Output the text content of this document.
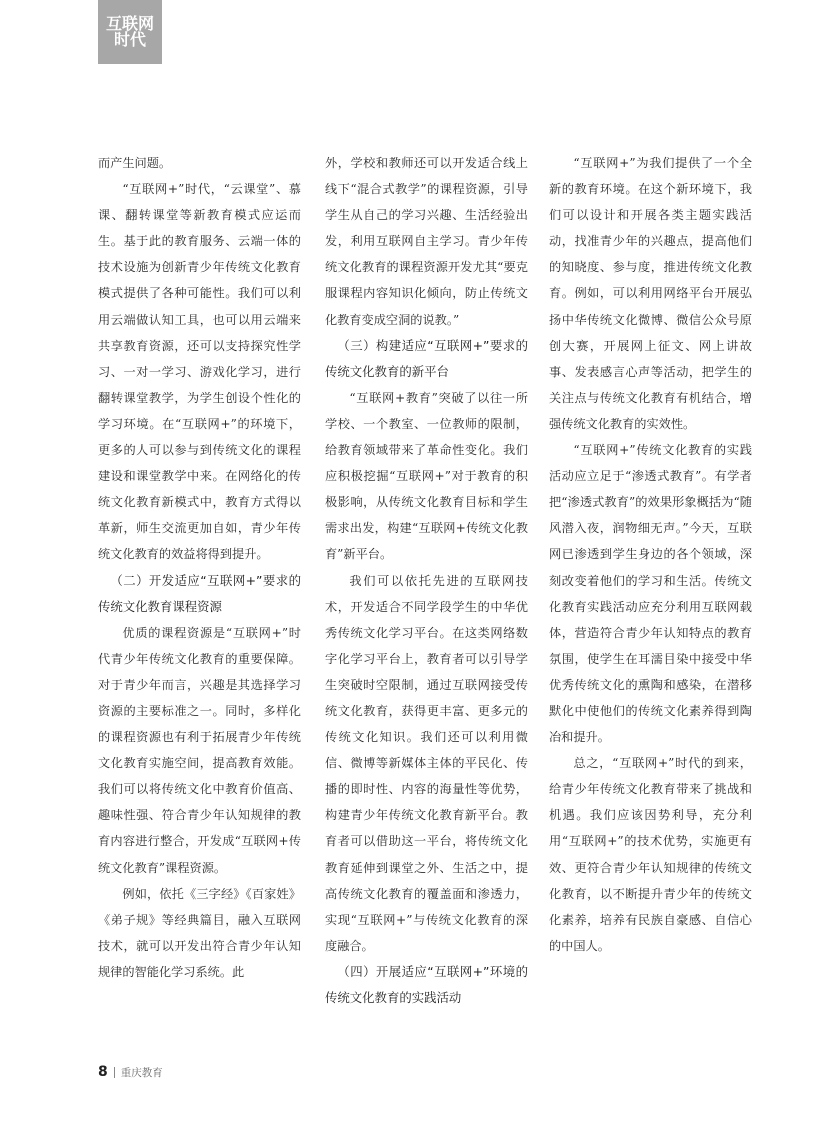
互联网
时代

而产生问题。

“互联网+”时代，“云课堂”、慕课、翻转课堂等新教育模式应运而生。基于此的教育服务、云端一体的技术设施为创新青少年传统文化教育模式提供了各种可能性。我们可以利用云端做认知工具，也可以用云端来共享教育资源，还可以支持探究性学习、一对一学习、游戏化学习，进行翻转课堂教学，为学生创设个性化的学习环境。在“互联网+”的环境下，更多的人可以参与到传统文化的课程建设和课堂教学中来。在网络化的传统文化教育新模式中，教育方式得以革新，师生交流更加自如，青少年传统文化教育的效益将得到提升。

（二）开发适应“互联网+”要求的传统文化教育课程资源

优质的课程资源是“互联网+”时代青少年传统文化教育的重要保障。对于青少年而言，兴趣是其选择学习资源的主要标准之一。同时，多样化的课程资源也有利于拓展青少年传统文化教育实施空间，提高教育效能。我们可以将传统文化中教育价值高、趣味性强、符合青少年认知规律的教育内容进行整合，开发成“互联网+传统文化教育”课程资源。

例如，依托《三字经》《百家姓》《弟子规》等经典篇目，融入互联网技术，就可以开发出符合青少年认知规律的智能化学习系统。此

外，学校和教师还可以开发适合线上线下“混合式教学”的课程资源，引导学生从自己的学习兴趣、生活经验出发，利用互联网自主学习。青少年传统文化教育的课程资源开发尤其“要克服课程内容知识化倾向，防止传统文化教育变成空洞的说教。”

（三）构建适应“互联网+”要求的传统文化教育的新平台

“互联网+教育”突破了以往一所学校、一个教室、一位教师的限制，给教育领域带来了革命性变化。我们应积极挖掘“互联网+”对于教育的积极影响，从传统文化教育目标和学生需求出发，构建“互联网+传统文化教育”新平台。

我们可以依托先进的互联网技术，开发适合不同学段学生的中华优秀传统文化学习平台。在这类网络数字化学习平台上，教育者可以引导学生突破时空限制，通过互联网接受传统文化教育，获得更丰富、更多元的传统文化知识。我们还可以利用微信、微博等新媒体主体的平民化、传播的即时性、内容的海量性等优势，构建青少年传统文化教育新平台。教育者可以借助这一平台，将传统文化教育延伸到课堂之外、生活之中，提高传统文化教育的覆盖面和渗透力，实现“互联网+”与传统文化教育的深度融合。

（四）开展适应“互联网+”环境的传统文化教育的实践活动

“互联网+”为我们提供了一个全新的教育环境。在这个新环境下，我们可以设计和开展各类主题实践活动，找准青少年的兴趣点，提高他们的知晓度、参与度，推进传统文化教育。例如，可以利用网络平台开展弘扬中华传统文化微博、微信公众号原创大赛，开展网上征文、网上讲故事、发表感言心声等活动，把学生的关注点与传统文化教育有机结合，增强传统文化教育的实效性。

“互联网+”传统文化教育的实践活动应立足于“渗透式教育”。有学者把“渗透式教育”的效果形象概括为“随风潜入夜，润物细无声。”今天，互联网已渗透到学生身边的各个领域，深刻改变着他们的学习和生活。传统文化教育实践活动应充分利用互联网载体，营造符合青少年认知特点的教育氛围，使学生在耳濡目染中接受中华优秀传统文化的熏陶和感染，在潜移默化中使他们的传统文化素养得到陶冶和提升。

总之，“互联网+”时代的到来，给青少年传统文化教育带来了挑战和机遇。我们应该因势利导，充分利用“互联网+”的技术优势，实施更有效、更符合青少年认知规律的传统文化教育，以不断提升青少年的传统文化素养，培养有民族自豪感、自信心的中国人。

8 重庆教育
